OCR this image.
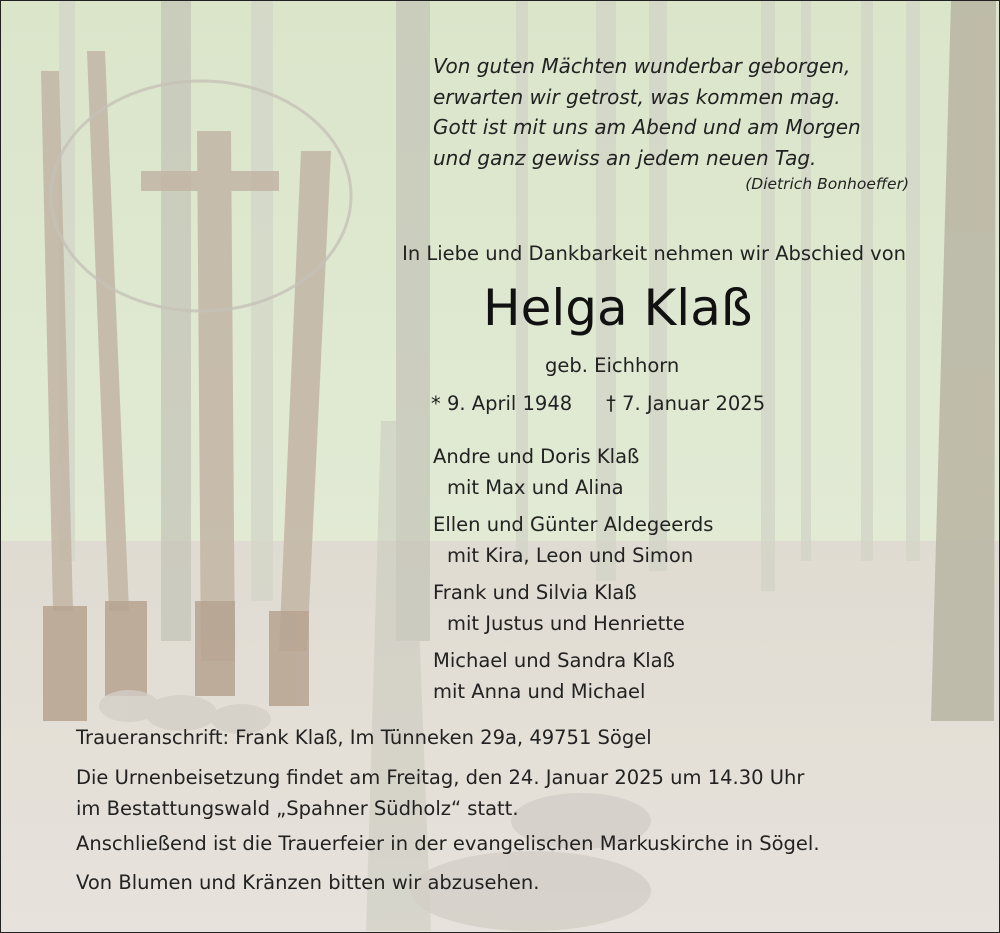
Von guten Mächten wunderbar geborgen,
erwarten wir getrost, was kommen mag.
Gott ist mit uns am Abend und am Morgen
und ganz gewiss an jedem neuen Tag.
(Dietrich Bonhoeffer)
In Liebe und Dankbarkeit nehmen wir Abschied von
Helga Klaß
geb. Eichhorn
* 9. April 1948 † 7. Januar 2025
Andre und Doris Klaß
mit Max und Alina
Ellen und Günter Aldegeerds
mit Kira, Leon und Simon
Frank und Silvia Klaß
mit Justus und Henriette
Michael und Sandra Klaß
mit Anna und Michael
Traueranschrift: Frank Klaß, Im Tünneken 29a, 49751 Sögel
Die Urnenbeisetzung findet am Freitag, den 24. Januar 2025 um 14.30 Uhr
im Bestattungswald „Spahner Südholz“ statt.
Anschließend ist die Trauerfeier in der evangelischen Markuskirche in Sögel.
Von Blumen und Kränzen bitten wir abzusehen.
